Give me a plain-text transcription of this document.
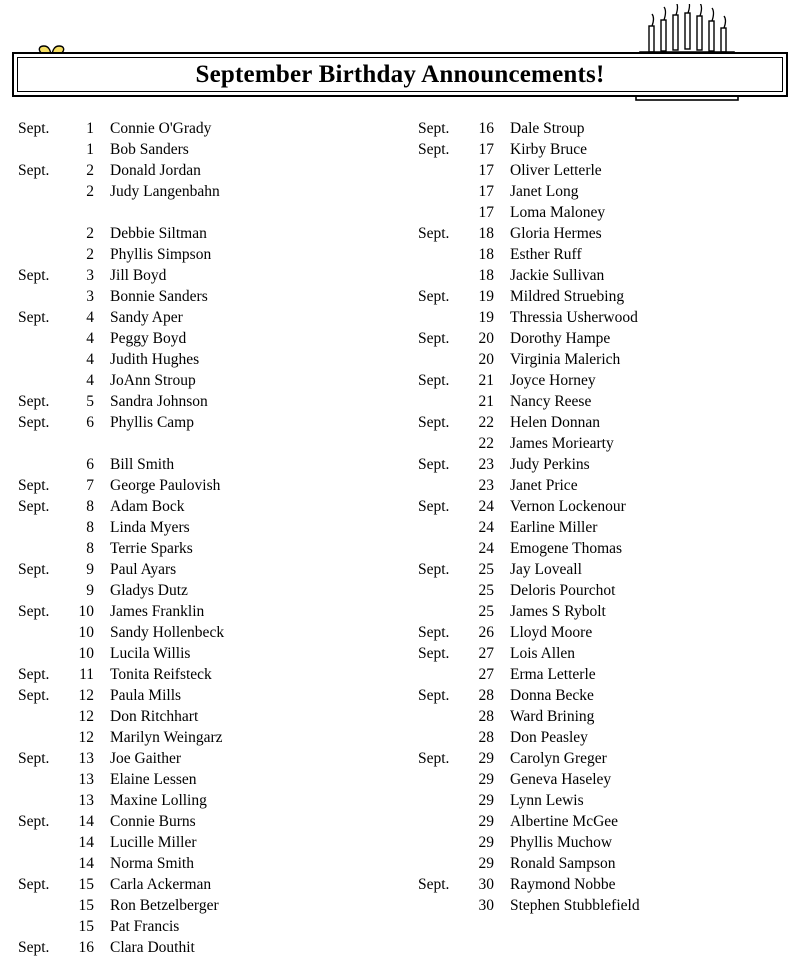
September Birthday Announcements!
Sept.	1	Connie O'Grady
1	Bob Sanders
Sept.	2	Donald Jordan
2	Judy Langenbahn
2	Debbie Siltman
2	Phyllis Simpson
Sept.	3	Jill Boyd
3	Bonnie Sanders
Sept.	4	Sandy Aper
4	Peggy Boyd
4	Judith Hughes
4	JoAnn Stroup
Sept.	5	Sandra Johnson
Sept.	6	Phyllis Camp
6	Bill Smith
Sept.	7	George Paulovish
Sept.	8	Adam Bock
8	Linda Myers
8	Terrie Sparks
Sept.	9	Paul Ayars
9	Gladys Dutz
Sept.	10	James Franklin
10	Sandy Hollenbeck
10	Lucila Willis
Sept.	11	Tonita Reifsteck
Sept.	12	Paula Mills
12	Don Ritchhart
12	Marilyn Weingarz
Sept.	13	Joe Gaither
13	Elaine Lessen
13	Maxine Lolling
Sept.	14	Connie Burns
14	Lucille Miller
14	Norma Smith
Sept.	15	Carla Ackerman
15	Ron Betzelberger
15	Pat Francis
Sept.	16	Clara Douthit
Sept.	16	Dale Stroup
Sept.	17	Kirby Bruce
17	Oliver Letterle
17	Janet Long
17	Loma Maloney
Sept.	18	Gloria Hermes
18	Esther Ruff
18	Jackie Sullivan
Sept.	19	Mildred Struebing
19	Thressia Usherwood
Sept.	20	Dorothy Hampe
20	Virginia Malerich
Sept.	21	Joyce Horney
21	Nancy Reese
Sept.	22	Helen Donnan
22	James Moriearty
Sept.	23	Judy Perkins
23	Janet Price
Sept.	24	Vernon Lockenour
24	Earline Miller
24	Emogene Thomas
Sept.	25	Jay Loveall
25	Deloris Pourchot
25	James S Rybolt
Sept.	26	Lloyd Moore
Sept.	27	Lois Allen
27	Erma Letterle
Sept.	28	Donna Becke
28	Ward Brining
28	Don Peasley
Sept.	29	Carolyn Greger
29	Geneva Haseley
29	Lynn Lewis
29	Albertine McGee
29	Phyllis Muchow
29	Ronald Sampson
Sept.	30	Raymond Nobbe
30	Stephen Stubblefield
